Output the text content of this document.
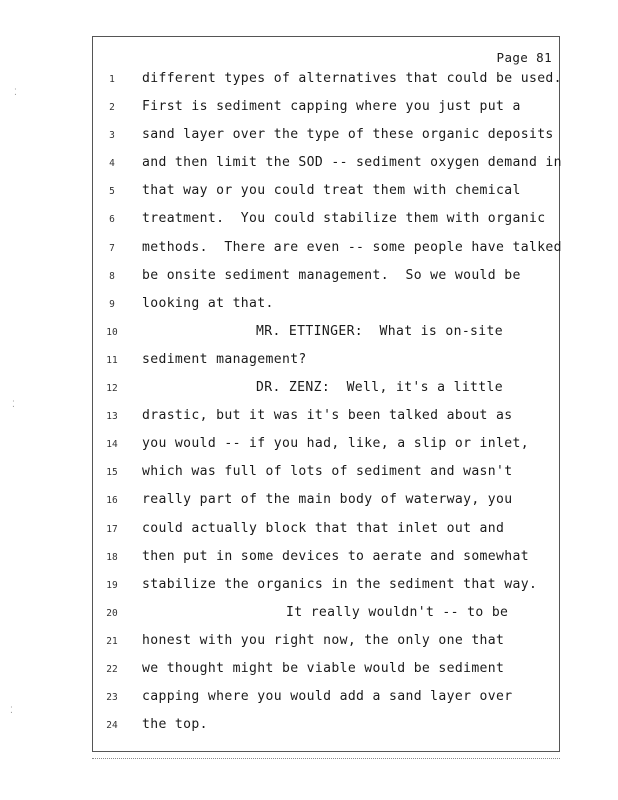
⁚
⁚
⁚
Page 81
1	different types of alternatives that could be used.
2	First is sediment capping where you just put a
3	sand layer over the type of these organic deposits
4	and then limit the SOD -- sediment oxygen demand in
5	that way or you could treat them with chemical
6	treatment.  You could stabilize them with organic
7	methods.  There are even -- some people have talked
8	be onsite sediment management.  So we would be
9	looking at that.
10	MR. ETTINGER:  What is on-site
11	sediment management?
12	DR. ZENZ:  Well, it's a little
13	drastic, but it was it's been talked about as
14	you would -- if you had, like, a slip or inlet,
15	which was full of lots of sediment and wasn't
16	really part of the main body of waterway, you
17	could actually block that that inlet out and
18	then put in some devices to aerate and somewhat
19	stabilize the organics in the sediment that way.
20	It really wouldn't -- to be
21	honest with you right now, the only one that
22	we thought might be viable would be sediment
23	capping where you would add a sand layer over
24	the top.
